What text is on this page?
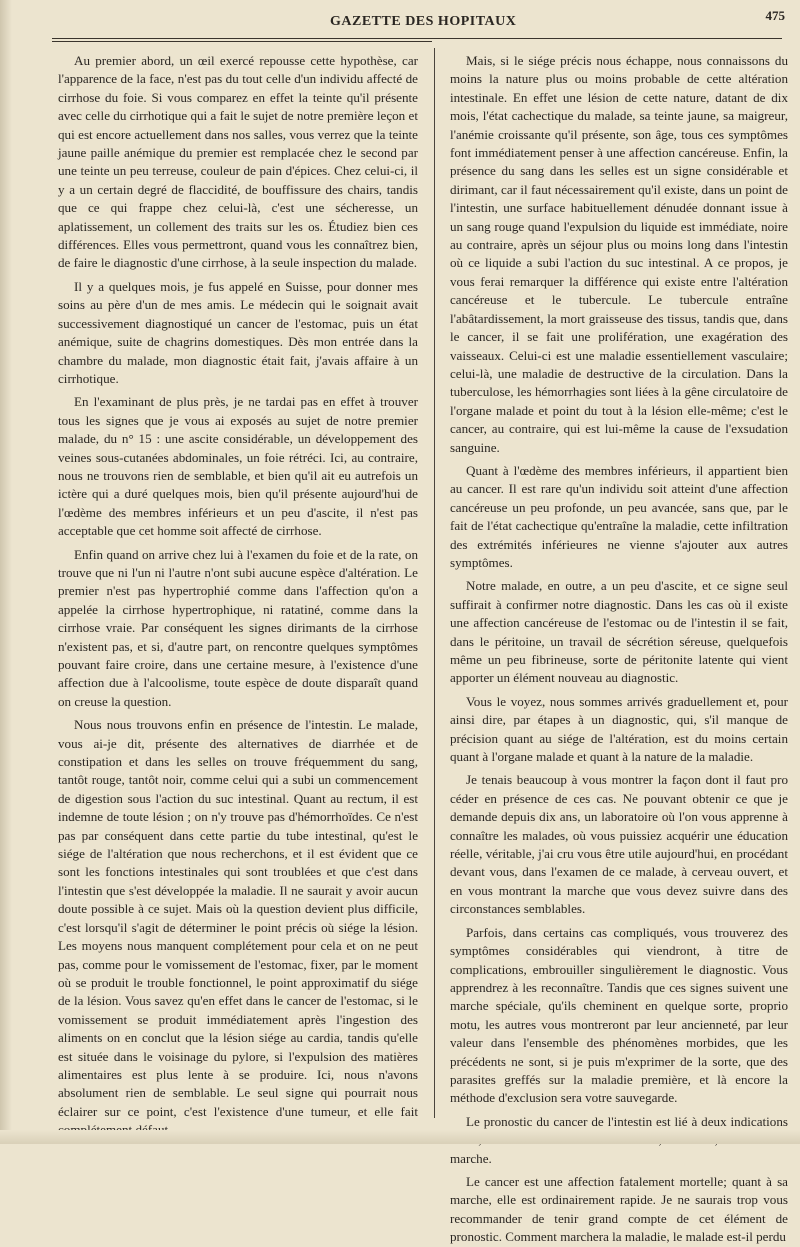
GAZETTE DES HOPITAUX	475

Au premier abord, un œil exercé repousse cette hypothèse, car l'apparence de la face, n'est pas du tout celle d'un individu affecté de cirrhose du foie. Si vous comparez en effet la teinte qu'il présente avec celle du cirrhotique qui a fait le sujet de notre première leçon et qui est encore actuellement dans nos salles, vous verrez que la teinte jaune paille anémique du premier est remplacée chez le second par une teinte un peu terreuse, couleur de pain d'épices. Chez celui-ci, il y a un certain degré de flaccidité, de bouffissure des chairs, tandis que ce qui frappe chez celui-là, c'est une sécheresse, un aplatissement, un collement des traits sur les os. Étudiez bien ces différences. Elles vous permettront, quand vous les connaîtrez bien, de faire le diagnostic d'une cirrhose, à la seule inspection du malade.

Il y a quelques mois, je fus appelé en Suisse, pour donner mes soins au père d'un de mes amis. Le médecin qui le soignait avait successivement diagnostiqué un cancer de l'estomac, puis un état anémique, suite de chagrins domestiques. Dès mon entrée dans la chambre du malade, mon diagnostic était fait, j'avais affaire à un cirrhotique.

En l'examinant de plus près, je ne tardai pas en effet à trouver tous les signes que je vous ai exposés au sujet de notre premier malade, du n° 15 : une ascite considérable, un développement des veines sous-cutanées abdominales, un foie rétréci. Ici, au contraire, nous ne trouvons rien de semblable, et bien qu'il ait eu autrefois un ictère qui a duré quelques mois, bien qu'il présente aujourd'hui de l'œdème des membres inférieurs et un peu d'ascite, il n'est pas acceptable que cet homme soit affecté de cirrhose.

Enfin quand on arrive chez lui à l'examen du foie et de la rate, on trouve que ni l'un ni l'autre n'ont subi aucune espèce d'altération. Le premier n'est pas hypertrophié comme dans l'affection qu'on a appelée la cirrhose hypertrophique, ni ratatiné, comme dans la cirrhose vraie. Par conséquent les signes dirimants de la cirrhose n'existent pas, et si, d'autre part, on rencontre quelques symptômes pouvant faire croire, dans une certaine mesure, à l'existence d'une affection due à l'alcoolisme, toute espèce de doute disparaît quand on creuse la question.

Nous nous trouvons enfin en présence de l'intestin. Le malade, vous ai-je dit, présente des alternatives de diarrhée et de constipation et dans les selles on trouve fréquemment du sang, tantôt rouge, tantôt noir, comme celui qui a subi un commencement de digestion sous l'action du suc intestinal. Quant au rectum, il est indemne de toute lésion ; on n'y trouve pas d'hémorrhoïdes. Ce n'est pas par conséquent dans cette partie du tube intestinal, qu'est le siége de l'altération que nous recherchons, et il est évident que ce sont les fonctions intestinales qui sont troublées et que c'est dans l'intestin que s'est développée la maladie. Il ne saurait y avoir aucun doute possible à ce sujet. Mais où la question devient plus difficile, c'est lorsqu'il s'agit de déterminer le point précis où siége la lésion. Les moyens nous manquent complétement pour cela et on ne peut pas, comme pour le vomissement de l'estomac, fixer, par le moment où se produit le trouble fonctionnel, le point approximatif du siége de la lésion. Vous savez qu'en effet dans le cancer de l'estomac, si le vomissement se produit immédiatement après l'ingestion des aliments on en conclut que la lésion siége au cardia, tandis qu'elle est située dans le voisinage du pylore, si l'expulsion des matières alimentaires est plus lente à se produire. Ici, nous n'avons absolument rien de semblable. Le seul signe qui pourrait nous éclairer sur ce point, c'est l'existence d'une tumeur, et elle fait

Mais, si le siége précis nous échappe, nous connaissons du moins la nature plus ou moins probable de cette altération intestinale. En effet une lésion de cette nature, datant de dix mois, l'état cachectique du malade, sa teinte jaune, sa maigreur, l'anémie croissante qu'il présente, son âge, tous ces symptômes font immédiatement penser à une affection cancéreuse. Enfin, la présence du sang dans les selles est un signe considérable et dirimant, car il faut nécessairement qu'il existe, dans un point de l'intestin, une surface habituellement dénudée donnant issue à un sang rouge quand l'expulsion du liquide est immédiate, noire au contraire, après un séjour plus ou moins long dans l'intestin où ce liquide a subi l'action du suc intestinal. A ce propos, je vous ferai remarquer la différence qui existe entre l'altération cancéreuse et le tubercule. Le tubercule entraîne l'abâtardissement, la mort graisseuse des tissus, tandis que, dans le cancer, il se fait une prolifération, une exagération des vaisseaux. Celui-ci est une maladie essentiellement vasculaire; celui-là, une maladie de destructive de la circulation. Dans la tuberculose, les hémorrhagies sont liées à la gêne circulatoire de l'organe malade et point du tout à la lésion elle-même; c'est le cancer, au contraire, qui est lui-même la cause de l'exsudation sanguine.

Quant à l'œdème des membres inférieurs, il appartient bien au cancer. Il est rare qu'un individu soit atteint d'une affection cancéreuse un peu profonde, un peu avancée, sans que, par le fait de l'état cachectique qu'entraîne la maladie, cette infiltration des extrémités inférieures ne vienne s'ajouter aux autres symptômes.

Notre malade, en outre, a un peu d'ascite, et ce signe seul suffirait à confirmer notre diagnostic. Dans les cas où il existe une affection cancéreuse de l'estomac ou de l'intestin il se fait, dans le péritoine, un travail de sécrétion séreuse, quelquefois même un peu fibrineuse, sorte de péritonite latente qui vient apporter un élément nouveau au diagnostic.

Vous le voyez, nous sommes arrivés graduellement et, pour ainsi dire, par étapes à un diagnostic, qui, s'il manque de précision quant au siége de l'altération, est du moins certain quant à l'organe malade et quant à la nature de la maladie.

Je tenais beaucoup à vous montrer la façon dont il faut pro céder en présence de ces cas. Ne pouvant obtenir ce que je demande depuis dix ans, un laboratoire où l'on vous apprenne à connaître les malades, où vous puissiez acquérir une éducation réelle, véritable, j'ai cru vous être utile aujourd'hui, en procédant devant vous, dans l'examen de ce malade, à cerveau ouvert, et en vous montrant la marche que vous devez suivre dans des circonstances semblables.

Parfois, dans certains cas compliqués, vous trouverez des symptômes considérables qui viendront, à titre de complications, embrouiller singulièrement le diagnostic. Vous apprendrez à les reconnaître. Tandis que ces signes suivent une marche spéciale, qu'ils cheminent en quelque sorte, proprio motu, les autres vous montreront par leur ancienneté, par leur valeur dans l'ensemble des phénomènes morbides, que les précédents ne sont, si je puis m'exprimer de la sorte, que des parasites greffés sur la maladie première, et là encore la méthode d'exclusion sera votre sauvegarde.

Le pronostic du cancer de l'intestin est lié à deux indications marche.

Le cancer est une affection fatalement mortelle; quant à sa marche, elle est ordinairement rapide. Je ne saurais trop vous recommander de tenir grand compte de cet élément de pronostic. Comment marchera la maladie, le malade est-il perdu
